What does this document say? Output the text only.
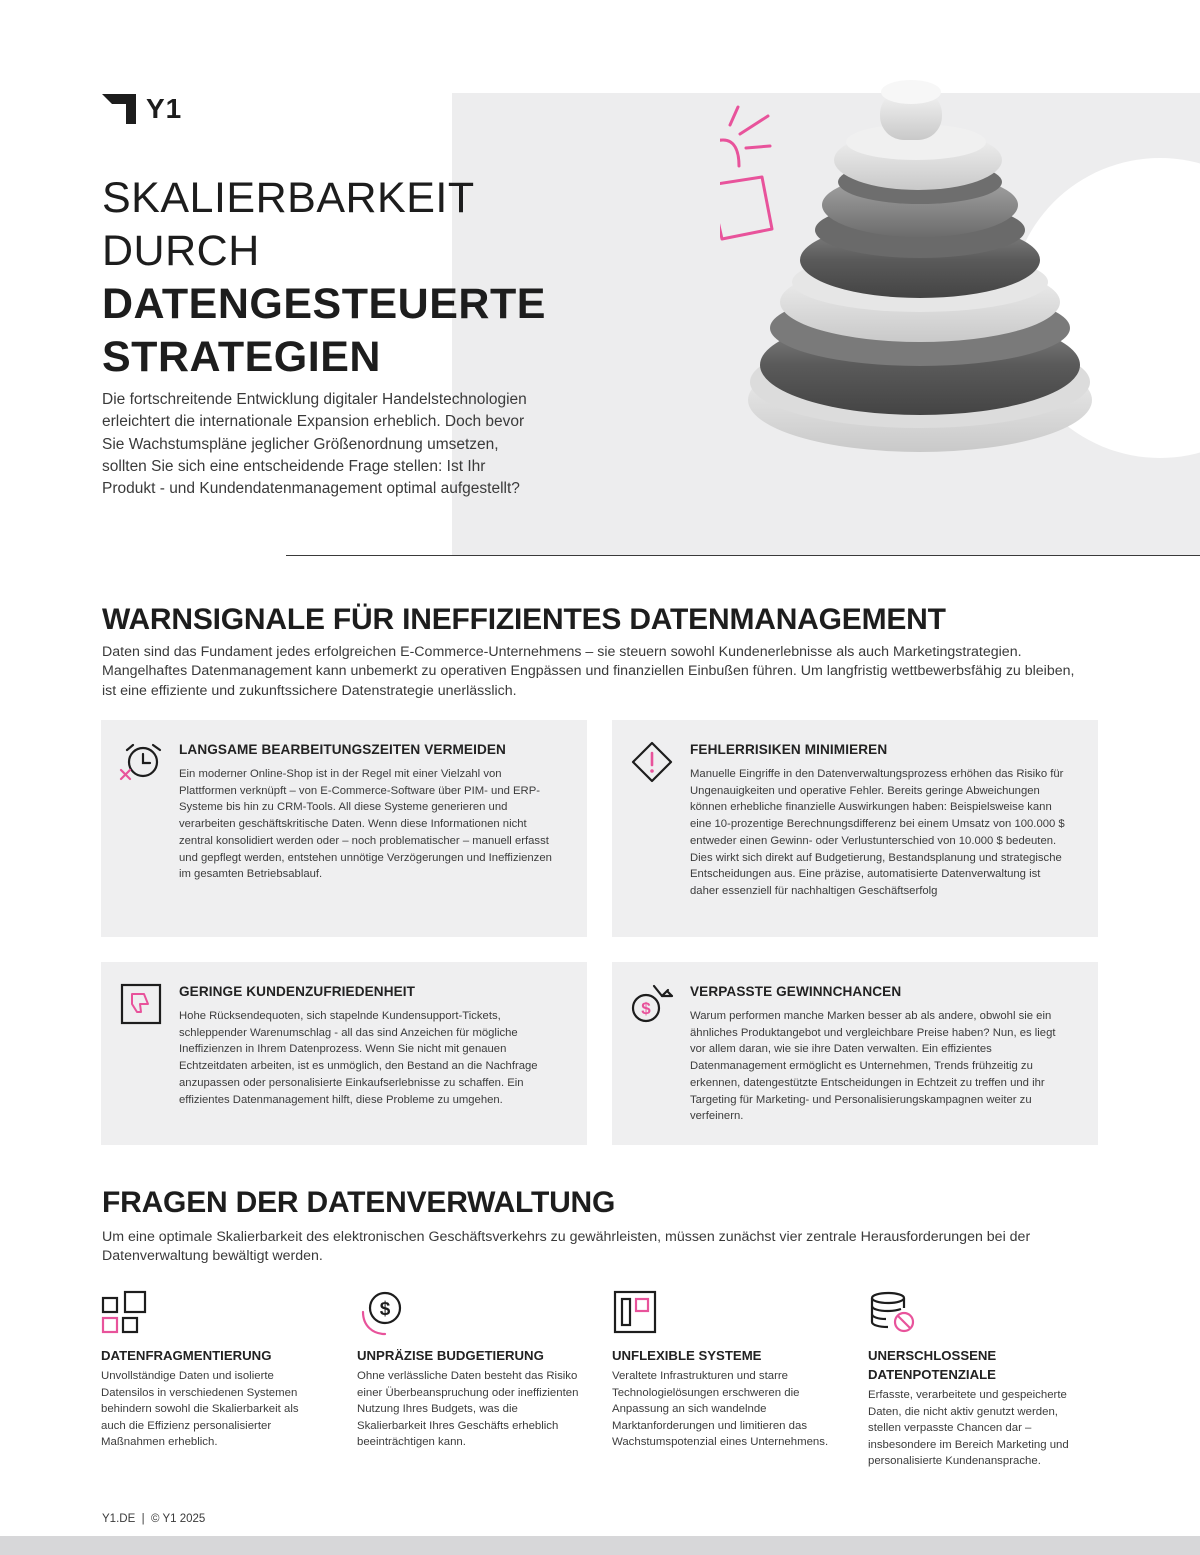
Y1
SKALIERBARKEIT
DURCH
DATENGESTEUERTE
STRATEGIEN
Die fortschreitende Entwicklung digitaler Handelstechnologien erleichtert die internationale Expansion erheblich. Doch bevor Sie Wachstumspläne jeglicher Größenordnung umsetzen, sollten Sie sich eine entscheidende Frage stellen: Ist Ihr Produkt - und Kundendatenmanagement optimal aufgestellt?
WARNSIGNALE FÜR INEFFIZIENTES DATENMANAGEMENT
Daten sind das Fundament jedes erfolgreichen E-Commerce-Unternehmens – sie steuern sowohl Kundenerlebnisse als auch Marketingstrategien. Mangelhaftes Datenmanagement kann unbemerkt zu operativen Engpässen und finanziellen Einbußen führen. Um langfristig wettbewerbsfähig zu bleiben, ist eine effiziente und zukunftssichere Datenstrategie unerlässlich.
LANGSAME BEARBEITUNGSZEITEN VERMEIDEN
Ein moderner Online-Shop ist in der Regel mit einer Vielzahl von Plattformen verknüpft – von E-Commerce-Software über PIM- und ERP-Systeme bis hin zu CRM-Tools. All diese Systeme generieren und verarbeiten geschäftskritische Daten. Wenn diese Informationen nicht zentral konsolidiert werden oder – noch problematischer – manuell erfasst und gepflegt werden, entstehen unnötige Verzögerungen und Ineffizienzen im gesamten Betriebsablauf.
FEHLERRISIKEN MINIMIEREN
Manuelle Eingriffe in den Datenverwaltungsprozess erhöhen das Risiko für Ungenauigkeiten und operative Fehler. Bereits geringe Abweichungen können erhebliche finanzielle Auswirkungen haben: Beispielsweise kann eine 10-prozentige Berechnungsdifferenz bei einem Umsatz von 100.000 $ entweder einen Gewinn- oder Verlustunterschied von 10.000 $ bedeuten. Dies wirkt sich direkt auf Budgetierung, Bestandsplanung und strategische Entscheidungen aus. Eine präzise, automatisierte Datenverwaltung ist daher essenziell für nachhaltigen Geschäftserfolg
GERINGE KUNDENZUFRIEDENHEIT
Hohe Rücksendequoten, sich stapelnde Kundensupport-Tickets, schleppender Warenumschlag - all das sind Anzeichen für mögliche Ineffizienzen in Ihrem Datenprozess. Wenn Sie nicht mit genauen Echtzeitdaten arbeiten, ist es unmöglich, den Bestand an die Nachfrage anzupassen oder personalisierte Einkaufserlebnisse zu schaffen. Ein effizientes Datenmanagement hilft, diese Probleme zu umgehen.
$
VERPASSTE GEWINNCHANCEN
Warum performen manche Marken besser ab als andere, obwohl sie ein ähnliches Produktangebot und vergleichbare Preise haben? Nun, es liegt vor allem daran, wie sie ihre Daten verwalten. Ein effizientes Datenmanagement ermöglicht es Unternehmen, Trends frühzeitig zu erkennen, datengestützte Entscheidungen in Echtzeit zu treffen und ihr Targeting für Marketing- und Personalisierungskampagnen weiter zu verfeinern.
FRAGEN DER DATENVERWALTUNG
Um eine optimale Skalierbarkeit des elektronischen Geschäftsverkehrs zu gewährleisten, müssen zunächst vier zentrale Herausforderungen bei der Datenverwaltung bewältigt werden.
DATENFRAGMENTIERUNG
Unvollständige Daten und isolierte Datensilos in verschiedenen Systemen behindern sowohl die Skalierbarkeit als auch die Effizienz personalisierter Maßnahmen erheblich.
$
UNPRÄZISE BUDGETIERUNG
Ohne verlässliche Daten besteht das Risiko einer Überbeanspruchung oder ineffizienten Nutzung Ihres Budgets, was die Skalierbarkeit Ihres Geschäfts erheblich beeinträchtigen kann.
UNFLEXIBLE SYSTEME
Veraltete Infrastrukturen und starre Technologielösungen erschweren die Anpassung an sich wandelnde Marktanforderungen und limitieren das Wachstumspotenzial eines Unternehmens.
UNERSCHLOSSENE DATENPOTENZIALE
Erfasste, verarbeitete und gespeicherte Daten, die nicht aktiv genutzt werden, stellen verpasste Chancen dar – insbesondere im Bereich Marketing und personalisierte Kundenansprache.
Y1.DE  |  © Y1 2025
